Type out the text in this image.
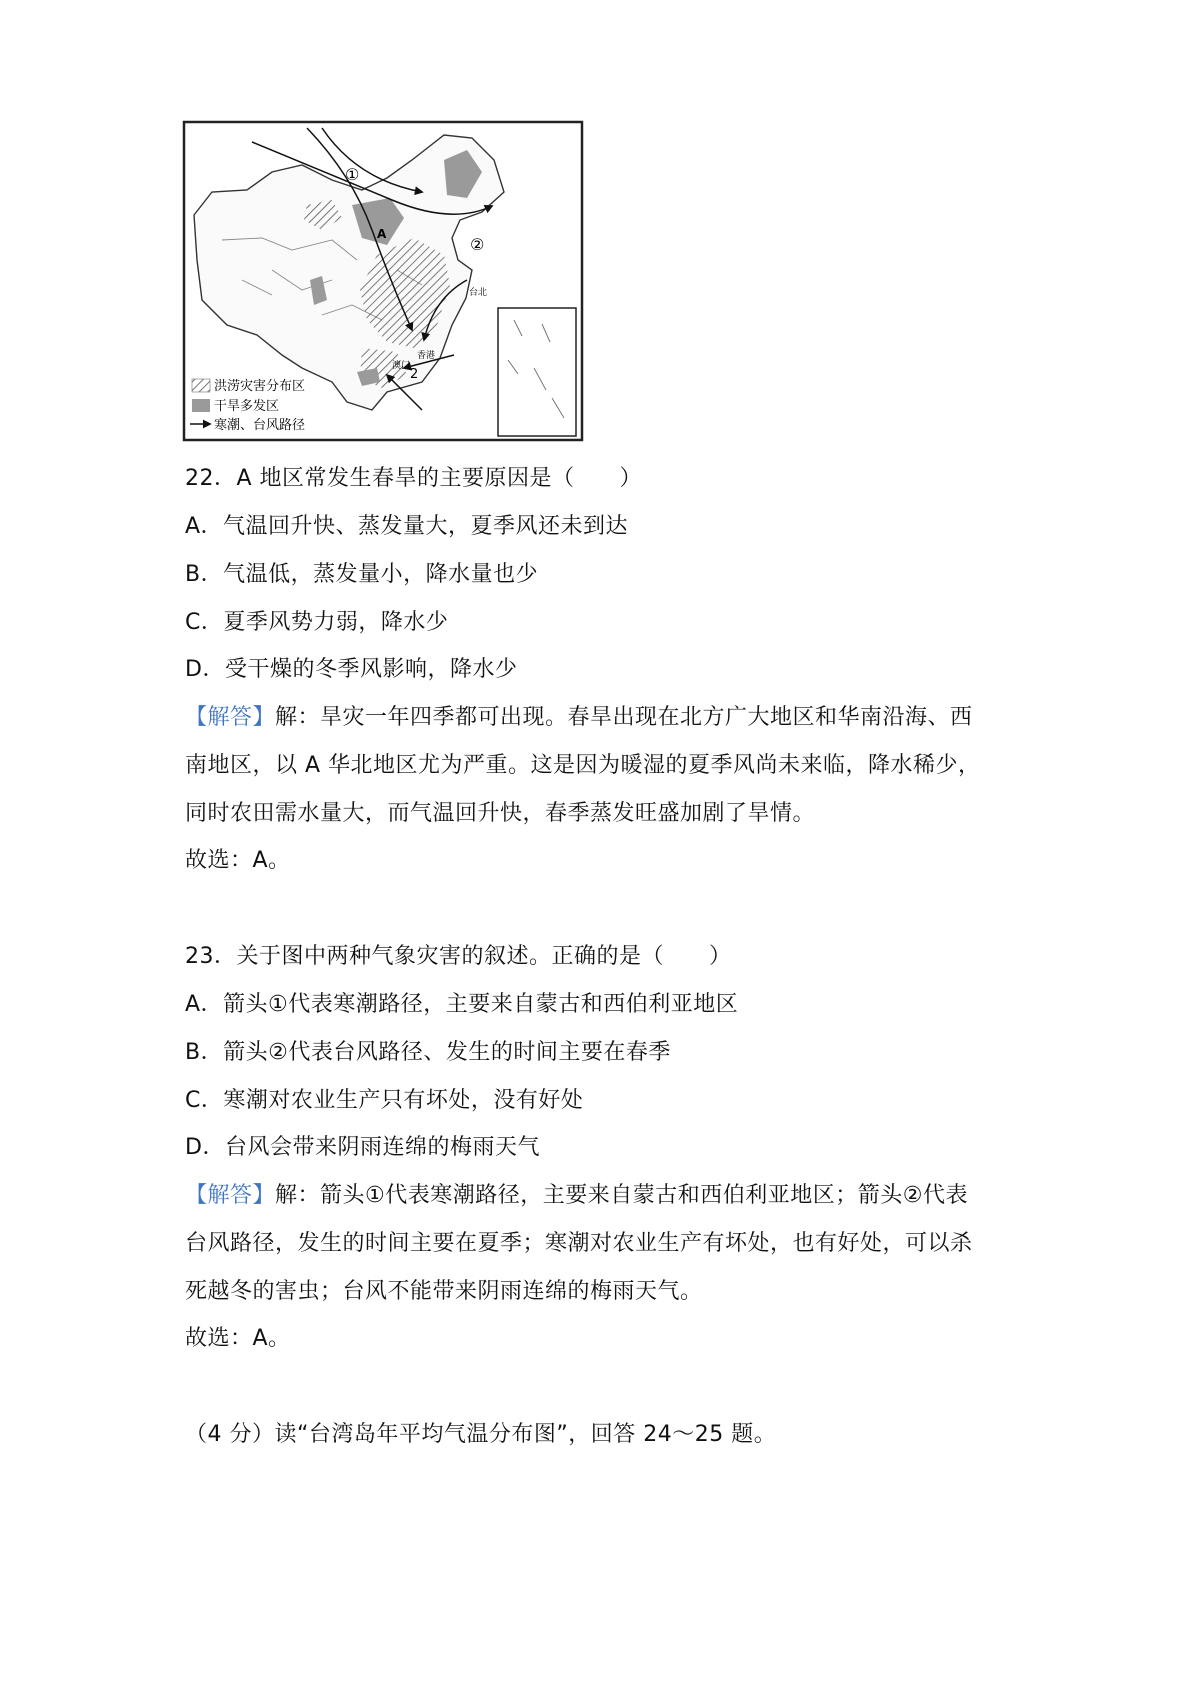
A
①
②
2
台北
香港
澳门
洪涝灾害分布区
干旱多发区
寒潮、台风路径
22．A 地区常发生春旱的主要原因是（　　）
A．气温回升快、蒸发量大，夏季风还未到达
B．气温低，蒸发量小，降水量也少
C．夏季风势力弱，降水少
D．受干燥的冬季风影响，降水少
【解答】解：旱灾一年四季都可出现。春旱出现在北方广大地区和华南沿海、西
南地区，以 A 华北地区尤为严重。这是因为暖湿的夏季风尚未来临，降水稀少，
同时农田需水量大，而气温回升快，春季蒸发旺盛加剧了旱情。
故选：A。
23．关于图中两种气象灾害的叙述。正确的是（　　）
A．箭头①代表寒潮路径，主要来自蒙古和西伯利亚地区
B．箭头②代表台风路径、发生的时间主要在春季
C．寒潮对农业生产只有坏处，没有好处
D．台风会带来阴雨连绵的梅雨天气
【解答】解：箭头①代表寒潮路径，主要来自蒙古和西伯利亚地区；箭头②代表
台风路径，发生的时间主要在夏季；寒潮对农业生产有坏处，也有好处，可以杀
死越冬的害虫；台风不能带来阴雨连绵的梅雨天气。
故选：A。
（4 分）读“台湾岛年平均气温分布图”，回答 24～25 题。
